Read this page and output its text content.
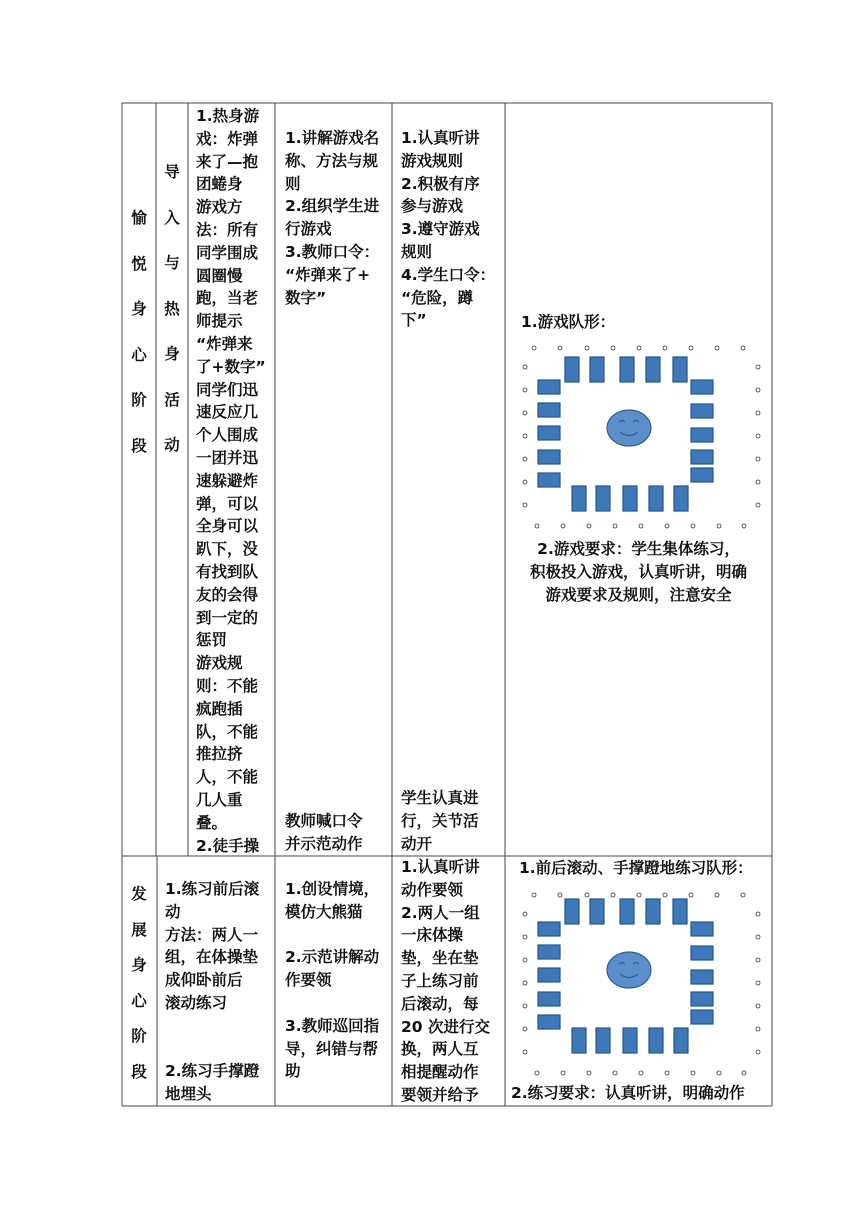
愉悦身心阶段
导入与热身活动
1.热身游
戏：炸弹
来了—抱
团蜷身
游戏方
法：所有
同学围成
圆圈慢
跑，当老
师提示
“炸弹来
了+数字”
同学们迅
速反应几
个人围成
一团并迅
速躲避炸
弹，可以
全身可以
趴下，没
有找到队
友的会得
到一定的
惩罚
游戏规
则：不能
疯跑插
队，不能
推拉挤
人，不能
几人重
叠。
2.徒手操
1.讲解游戏名
称、方法与规
则
2.组织学生进
行游戏
3.教师口令：
“炸弹来了+
数字”
教师喊口令
并示范动作
1.认真听讲
游戏规则
2.积极有序
参与游戏
3.遵守游戏
规则
4.学生口令：
“危险，蹲
下”
学生认真进
行，关节活
动开
1.游戏队形：
2.游戏要求：学生集体练习，
积极投入游戏，认真听讲，明确
游戏要求及规则，注意安全
发展身心阶段
1.练习前后滚
动
方法：两人一
组，在体操垫
成仰卧前后
滚动练习
2.练习手撑蹬
地埋头
1.创设情境，
模仿大熊猫

2.示范讲解动
作要领

3.教师巡回指
导，纠错与帮
助
1.认真听讲
动作要领
2.两人一组
一床体操
垫，坐在垫
子上练习前
后滚动，每
20 次进行交
换，两人互
相提醒动作
要领并给予
1.前后滚动、手撑蹬地练习队形：
2.练习要求：认真听讲，明确动作
